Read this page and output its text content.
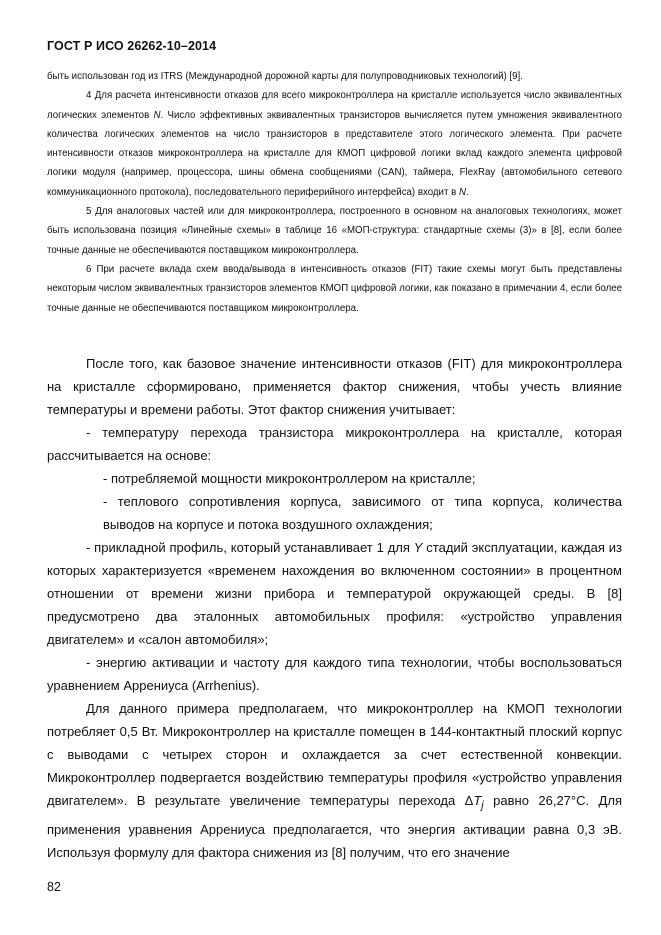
ГОСТ Р ИСО 26262-10–2014

быть использован год из ITRS (Международной дорожной карты для полупроводниковых технологий) [9].

4 Для расчета интенсивности отказов для всего микроконтроллера на кристалле используется число эквивалентных логических элементов N. Число эффективных эквивалентных транзисторов вычисляется путем умножения эквивалентного количества логических элементов на число транзисторов в представителе этого логического элемента. При расчете интенсивности отказов микроконтроллера на кристалле для КМОП цифровой логики вклад каждого элемента цифровой логики модуля (например, процессора, шины обмена сообщениями (CAN), таймера, FlexRay (автомобильного сетевого коммуникационного протокола), последовательного периферийного интерфейса) входит в N.

5 Для аналоговых частей или для микроконтроллера, построенного в основном на аналоговых технологиях, может быть использована позиция «Линейные схемы» в таблице 16 «МОП-структура: стандартные схемы (3)» в [8], если более точные данные не обеспечиваются поставщиком микроконтроллера.

6 При расчете вклада схем ввода/вывода в интенсивность отказов (FIT) такие схемы могут быть представлены некоторым числом эквивалентных транзисторов элементов КМОП цифровой логики, как показано в примечании 4, если более точные данные не обеспечиваются поставщиком микроконтроллера.

После того, как базовое значение интенсивности отказов (FIT) для микроконтроллера на кристалле сформировано, применяется фактор снижения, чтобы учесть влияние температуры и времени работы. Этот фактор снижения учитывает:

- температуру перехода транзистора микроконтроллера на кристалле, которая рассчитывается на основе:

- потребляемой мощности микроконтроллером на кристалле;

- теплового сопротивления корпуса, зависимого от типа корпуса, количества выводов на корпусе и потока воздушного охлаждения;

- прикладной профиль, который устанавливает 1 для Y стадий эксплуатации, каждая из которых характеризуется «временем нахождения во включенном состоянии» в процентном отношении от времени жизни прибора и температурой окружающей среды. В [8] предусмотрено два эталонных автомобильных профиля: «устройство управления двигателем» и «салон автомобиля»;

- энергию активации и частоту для каждого типа технологии, чтобы воспользоваться уравнением Аррениуса (Arrhenius).

Для данного примера предполагаем, что микроконтроллер на КМОП технологии потребляет 0,5 Вт. Микроконтроллер на кристалле помещен в 144-контактный плоский корпус с выводами с четырех сторон и охлаждается за счет естественной конвекции. Микроконтроллер подвергается воздействию температуры профиля «устройство управления двигателем». В результате увеличение температуры перехода $\Delta T_j$ равно 26,27°С. Для применения уравнения Аррениуса предполагается, что энергия активации равна 0,3 эВ. Используя формулу для фактора снижения из [8] получим, что его значение

82
